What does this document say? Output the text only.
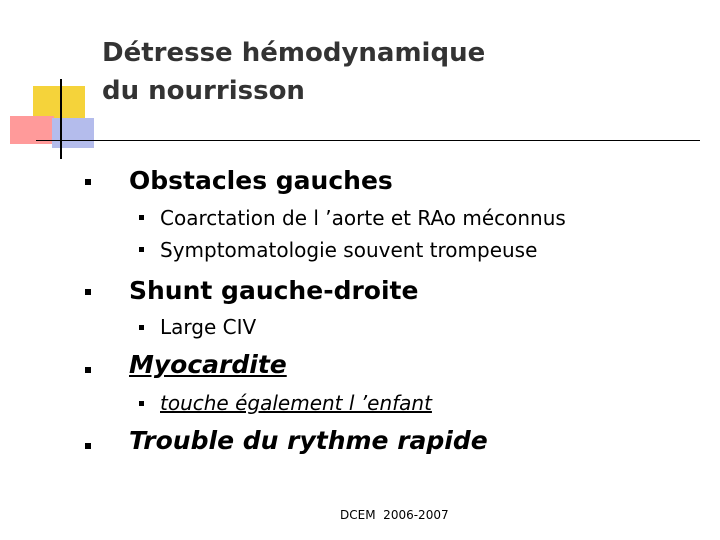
Détresse hémodynamique
du nourrisson
Obstacles gauches
Coarctation de l ’aorte et RAo méconnus
Symptomatologie souvent trompeuse
Shunt gauche-droite
Large CIV
Myocardite
touche également l ’enfant
Trouble du rythme rapide
DCEM  2006-2007
